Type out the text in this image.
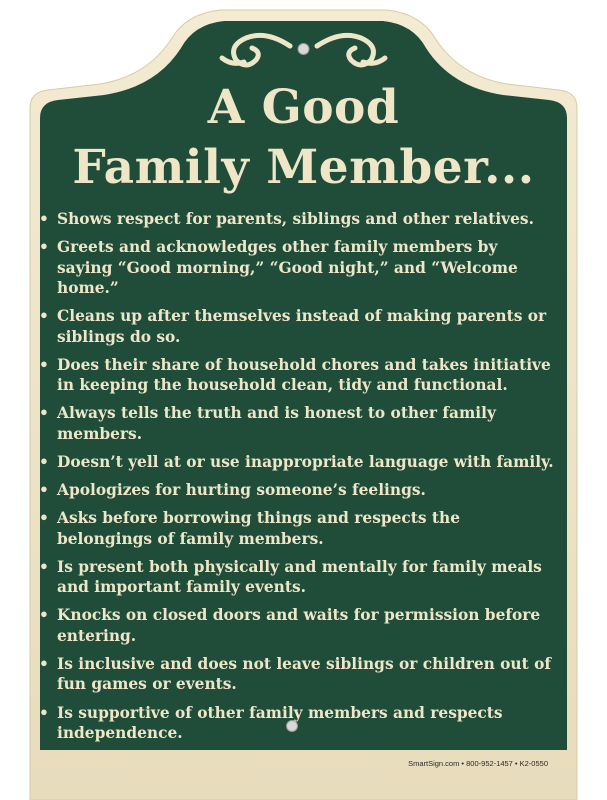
A Good
Family Member...
• Shows respect for parents, siblings and other relatives.
• Greets and acknowledges other family members by saying “Good morning,” “Good night,” and “Welcome home.”
• Cleans up after themselves instead of making parents or siblings do so.
• Does their share of household chores and takes initiative in keeping the household clean, tidy and functional.
• Always tells the truth and is honest to other family members.
• Doesn’t yell at or use inappropriate language with family.
• Apologizes for hurting someone’s feelings.
• Asks before borrowing things and respects the belongings of family members.
• Is present both physically and mentally for family meals and important family events.
• Knocks on closed doors and waits for permission before entering.
• Is inclusive and does not leave siblings or children out of fun games or events.
• Is supportive of other family members and respects independence.
SmartSign.com • 800-952-1457 • K2-0550
